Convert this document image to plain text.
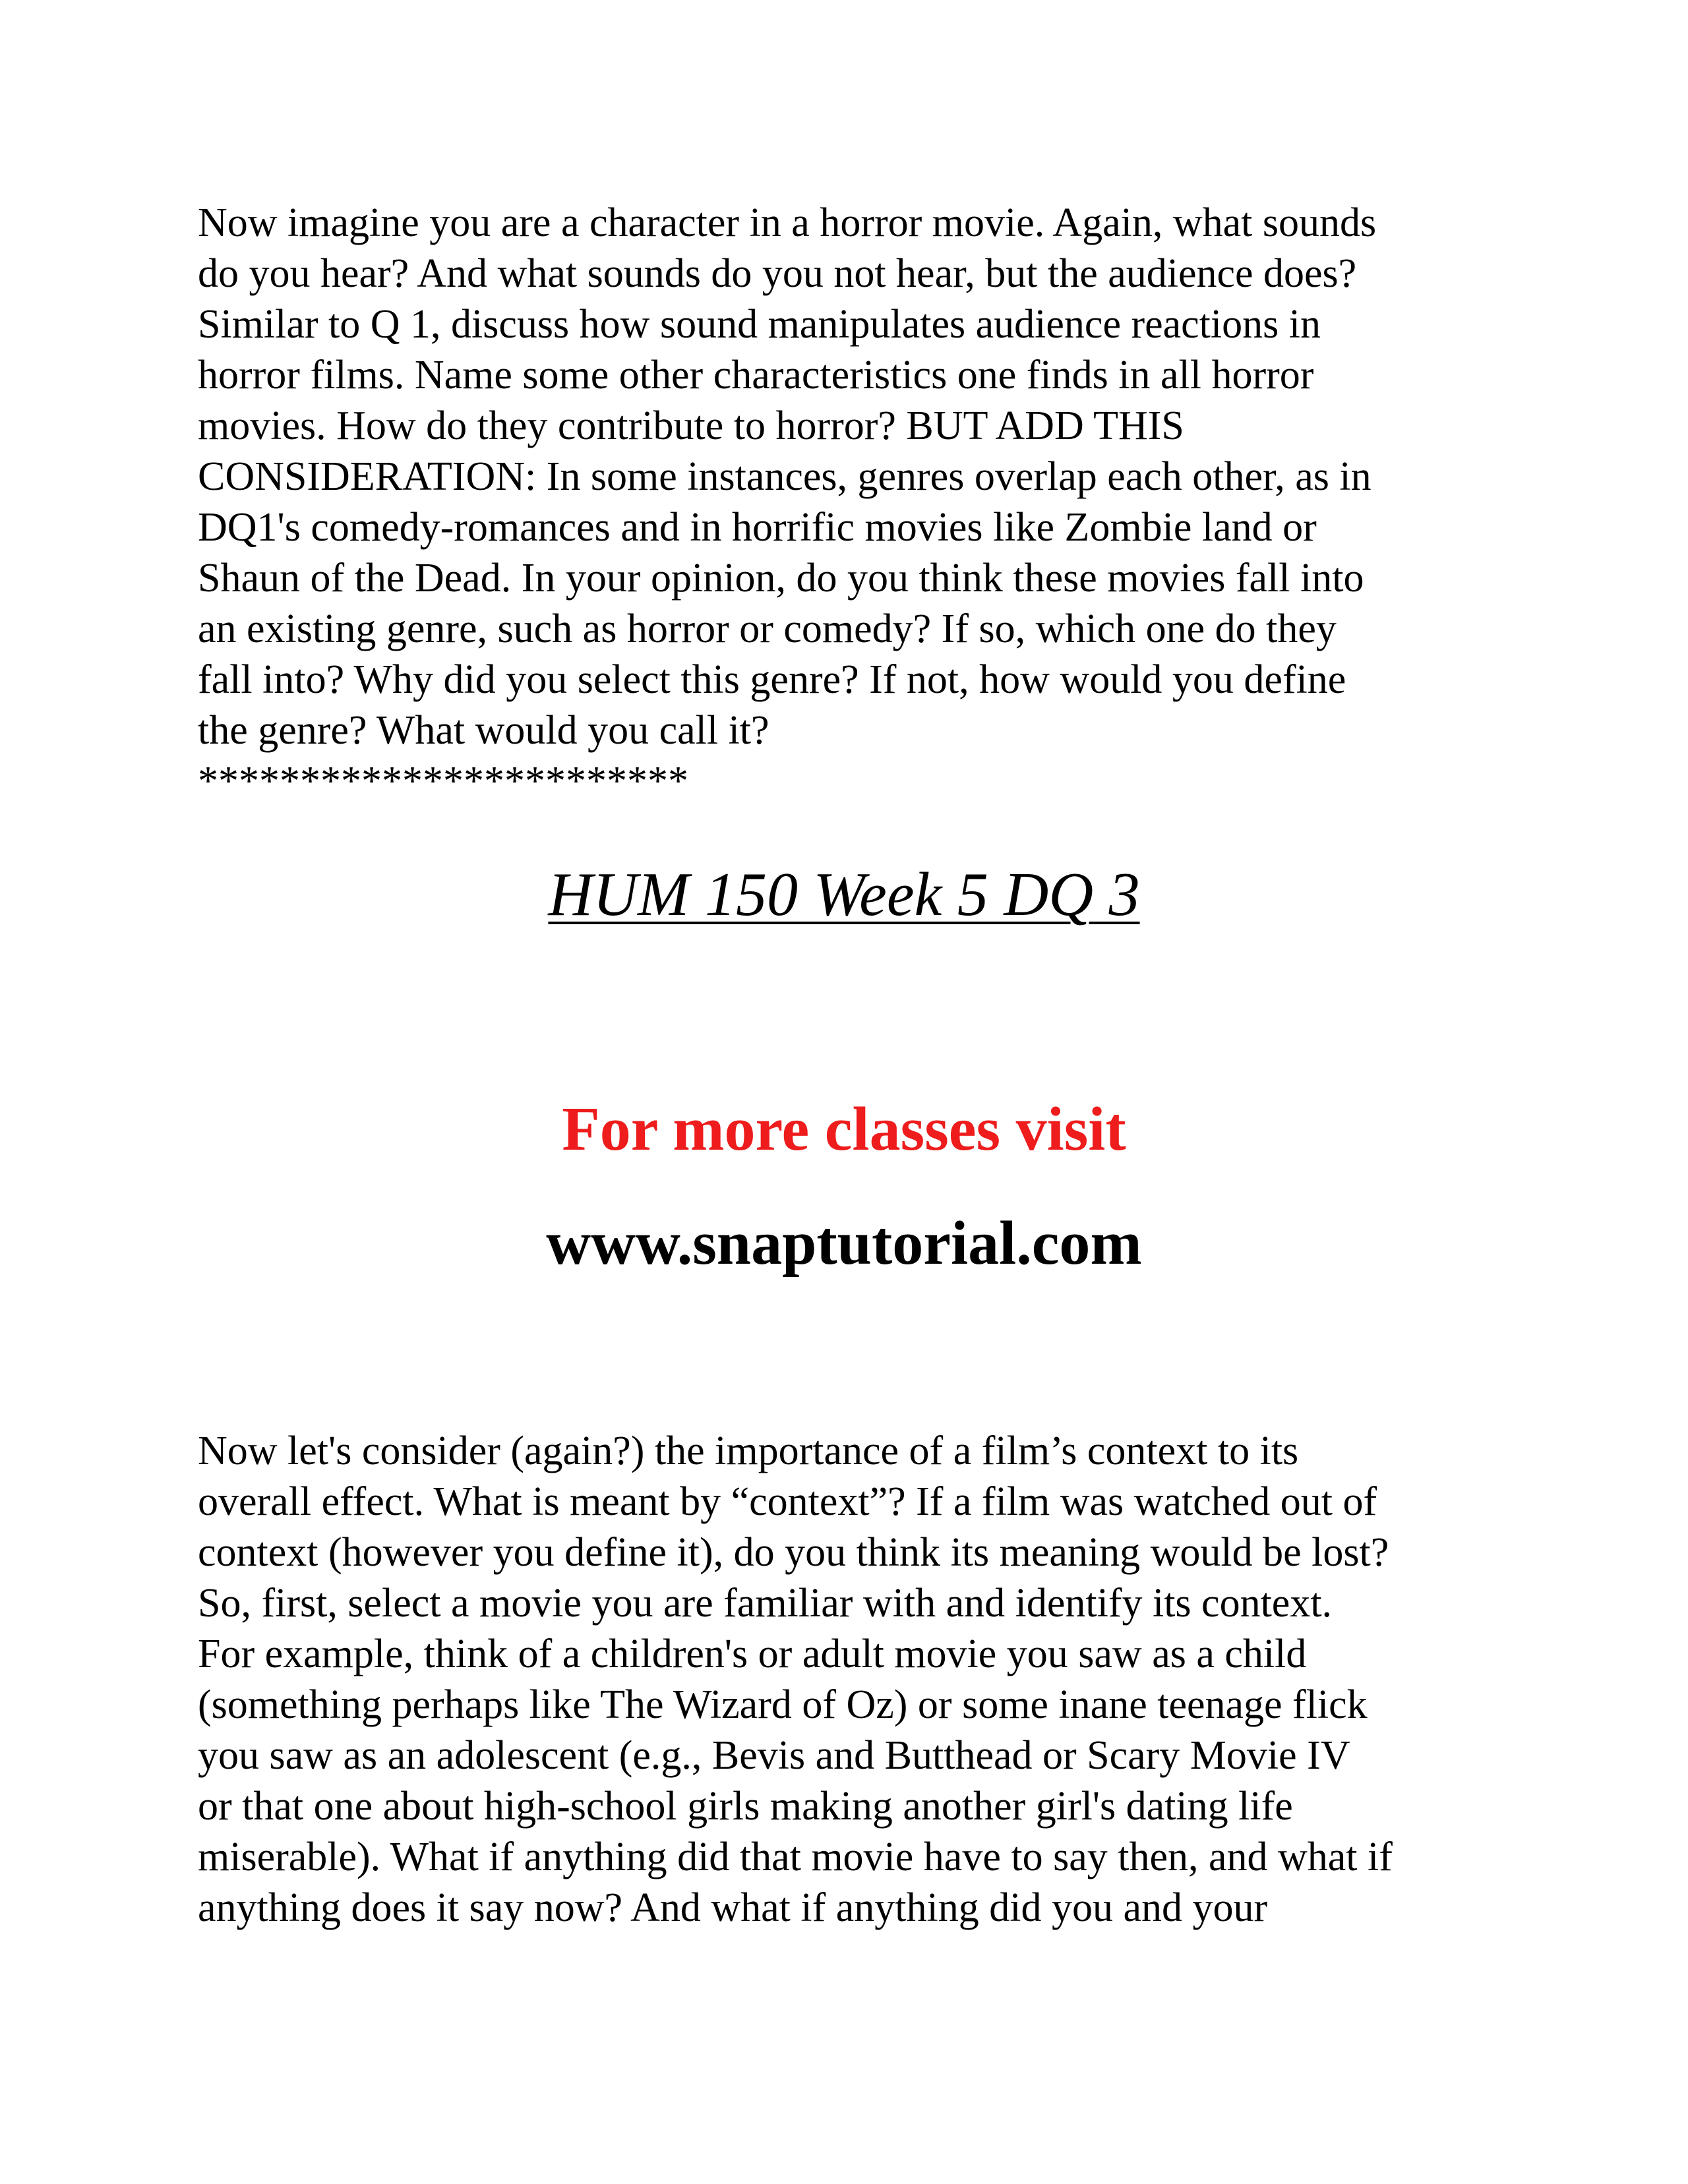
Now imagine you are a character in a horror movie. Again, what sounds
do you hear? And what sounds do you not hear, but the audience does?
Similar to Q 1, discuss how sound manipulates audience reactions in
horror films. Name some other characteristics one finds in all horror
movies. How do they contribute to horror? BUT ADD THIS
CONSIDERATION: In some instances, genres overlap each other, as in
DQ1's comedy-romances and in horrific movies like Zombie land or
Shaun of the Dead. In your opinion, do you think these movies fall into
an existing genre, such as horror or comedy? If so, which one do they
fall into? Why did you select this genre? If not, how would you define
the genre? What would you call it?
************************

HUM 150 Week 5 DQ 3
For more classes visit
www.snaptutorial.com

Now let's consider (again?) the importance of a film’s context to its
overall effect. What is meant by “context”? If a film was watched out of
context (however you define it), do you think its meaning would be lost?
So, first, select a movie you are familiar with and identify its context.
For example, think of a children's or adult movie you saw as a child
(something perhaps like The Wizard of Oz) or some inane teenage flick
you saw as an adolescent (e.g., Bevis and Butthead or Scary Movie IV
or that one about high-school girls making another girl's dating life
miserable). What if anything did that movie have to say then, and what if
anything does it say now? And what if anything did you and your
